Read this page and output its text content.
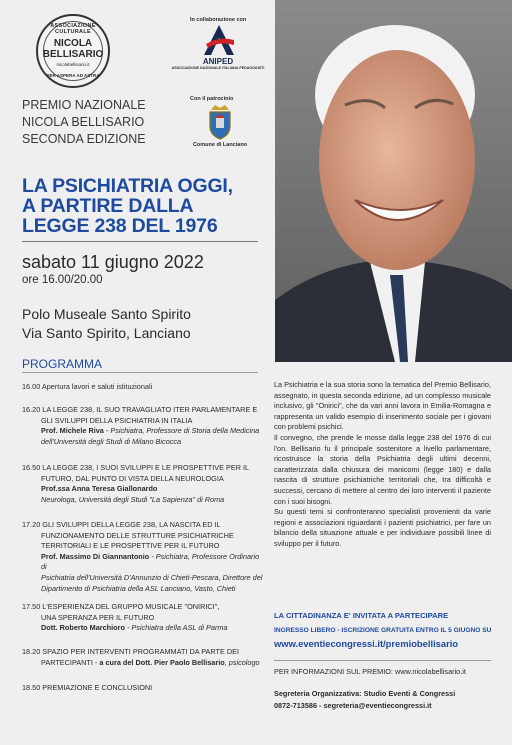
ASSOCIAZIONE CULTURALE
NICOLA
BELLISARIO
nicolabellisario.it
PER ASPERA AD ASTRA
In collaborazione con
ANIPED
ASSOCIAZIONE NAZIONALE ITALIANA PEDAGOGISTI
Con il patrocinio
Comune di Lanciano
PREMIO NAZIONALE
NICOLA BELLISARIO
SECONDA EDIZIONE
LA PSICHIATRIA OGGI,
A PARTIRE DALLA
LEGGE 238 DEL 1976
sabato 11 giugno 2022
ore 16.00/20.00
Polo Museale Santo Spirito
Via Santo Spirito, Lanciano
PROGRAMMA
16.00 Apertura lavori e saluti istituzionali
16.20 LA LEGGE 238, IL SUO TRAVAGLIATO ITER PARLAMENTARE E
GLI SVILUPPI DELLA PSICHIATRIA IN ITALIA
Prof. Michele Riva - Psichiatra, Professore di Storia della Medicina
dell'Università degli Studi di Milano Bicocca
16.50 LA LEGGE 238, I SUOI SVILUPPI E LE PROSPETTIVE PER IL
FUTURO, DAL PUNTO DI VISTA DELLA NEUROLOGIA
Prof.ssa Anna Teresa Giallonardo
Neurologa, Università degli Studi "La Sapienza" di Roma
17.20 GLI SVILUPPI DELLA LEGGE 238, LA NASCITA ED IL
FUNZIONAMENTO DELLE STRUTTURE PSICHIATRICHE
TERRITORIALI E LE PROSPETTIVE PER IL FUTURO
Prof. Massimo Di Giannantonio - Psichiatra, Professore Ordinario di
Psichiatria dell'Università D'Annunzio di Chieti-Pescara, Direttore del
Dipartimento di Psichiatria della ASL Lanciano, Vasto, Chieti
17.50 L'ESPERIENZA DEL GRUPPO MUSICALE "ONIRICI",
UNA SPERANZA PER IL FUTURO
Dott. Roberto Marchioro - Psichiatra della ASL di Parma
18.20 SPAZIO PER INTERVENTI PROGRAMMATI DA PARTE DEI
PARTECIPANTI - a cura del Dott. Pier Paolo Bellisario, psicologo
18.50 PREMIAZIONE E CONCLUSIONI

La Psichiatria e la sua storia sono la tematica del Premio Bellisario, assegnato, in questa seconda edizione, ad un complesso musicale inclusivo, gli "Onirici", che da vari anni lavora in Emilia-Romagna e rappresenta un valido esempio di inserimento sociale per i giovani con problemi psichici.

Il convegno, che prende le mosse dalla legge 238 del 1976 di cui l'on. Bellisario fu il principale sostenitore a livello parlamentare, ricostruisce la storia della Psichiatria degli ultimi decenni, caratterizzata dalla chiusura dei manicomi (legge 180) e dalla nascita di strutture psichiatriche territoriali che, tra difficoltà e successi, cercano di mettere al centro dei loro interventi il paziente con i suoi bisogni.

Su questi temi si confronteranno specialisti provenienti da varie regioni e associazioni riguardanti i pazienti psichiatrici, per fare un bilancio della situazione attuale e per individuare possibili linee di sviluppo per il futuro.

LA CITTADINANZA E' INVITATA A PARTECIPARE
INGRESSO LIBERO - ISCRIZIONE GRATUITA ENTRO IL 5 GIUGNO SU
www.eventiecongressi.it/premiobellisario
PER INFORMAZIONI SUL PREMIO: www.nicolabellisario.it
Segreteria Organizzativa: Studio Eventi & Congressi
0872-713586 - segreteria@eventiecongressi.it
